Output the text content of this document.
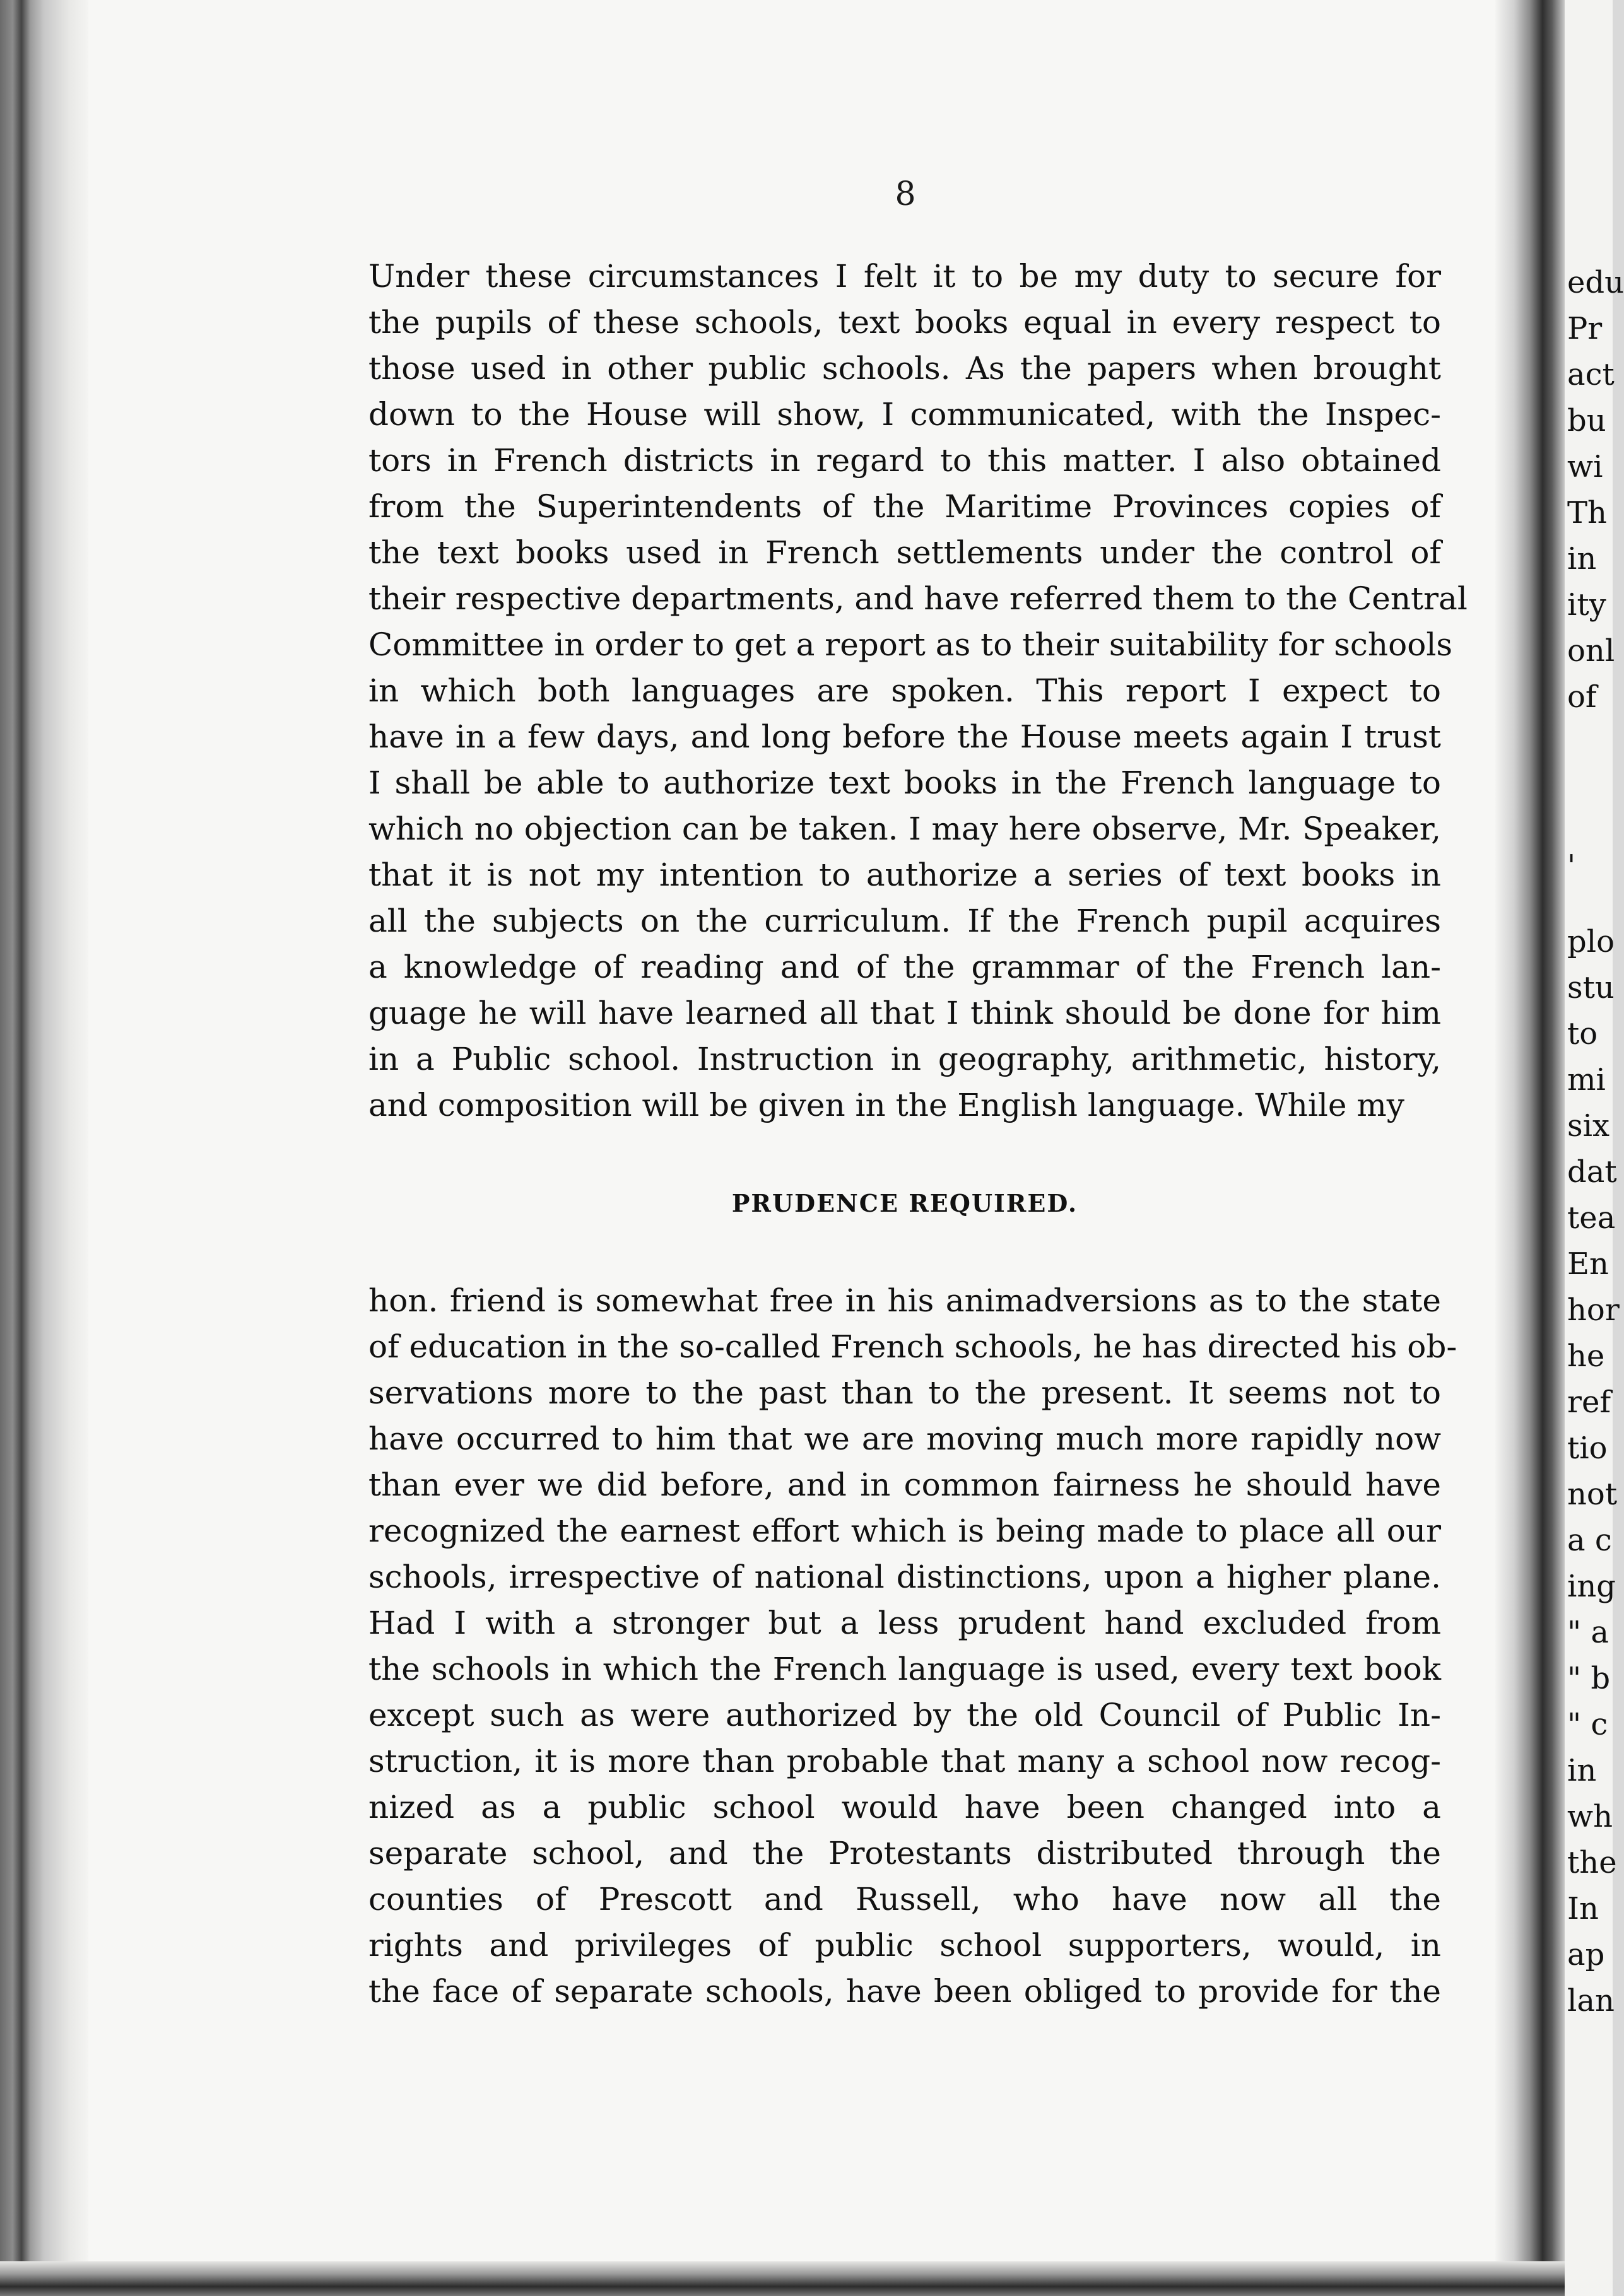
8
Under these circumstances I felt it to be my duty to secure for
the pupils of these schools, text books equal in every respect to
those used in other public schools. As the papers when brought
down to the House will show, I communicated, with the Inspec-
tors in French districts in regard to this matter. I also obtained
from the Superintendents of the Maritime Provinces copies of
the text books used in French settlements under the control of
their respective departments, and have referred them to the Central
Committee in order to get a report as to their suitability for schools
in which both languages are spoken. This report I expect to
have in a few days, and long before the House meets again I trust
I shall be able to authorize text books in the French language to
which no objection can be taken. I may here observe, Mr. Speaker,
that it is not my intention to authorize a series of text books in
all the subjects on the curriculum. If the French pupil acquires
a knowledge of reading and of the grammar of the French lan-
guage he will have learned all that I think should be done for him
in a Public school. Instruction in geography, arithmetic, history,
and composition will be given in the English language. While my
PRUDENCE REQUIRED.
hon. friend is somewhat free in his animadversions as to the state
of education in the so-called French schools, he has directed his ob-
servations more to the past than to the present. It seems not to
have occurred to him that we are moving much more rapidly now
than ever we did before, and in common fairness he should have
recognized the earnest effort which is being made to place all our
schools, irrespective of national distinctions, upon a higher plane.
Had I with a stronger but a less prudent hand excluded from
the schools in which the French language is used, every text book
except such as were authorized by the old Council of Public In-
struction, it is more than probable that many a school now recog-
nized as a public school would have been changed into a
separate school, and the Protestants distributed through the
counties of Prescott and Russell, who have now all the
rights and privileges of public school supporters, would, in
the face of separate schools, have been obliged to provide for the
edu
Pr
act
bu
wi
Th
in
ity
onl
of
'
plo
stu
to
mi
six
dat
tea
En
hor
he
ref
tio
not
a c
ing
" a
" b
" c
in
wh
the
In
ap
lan
